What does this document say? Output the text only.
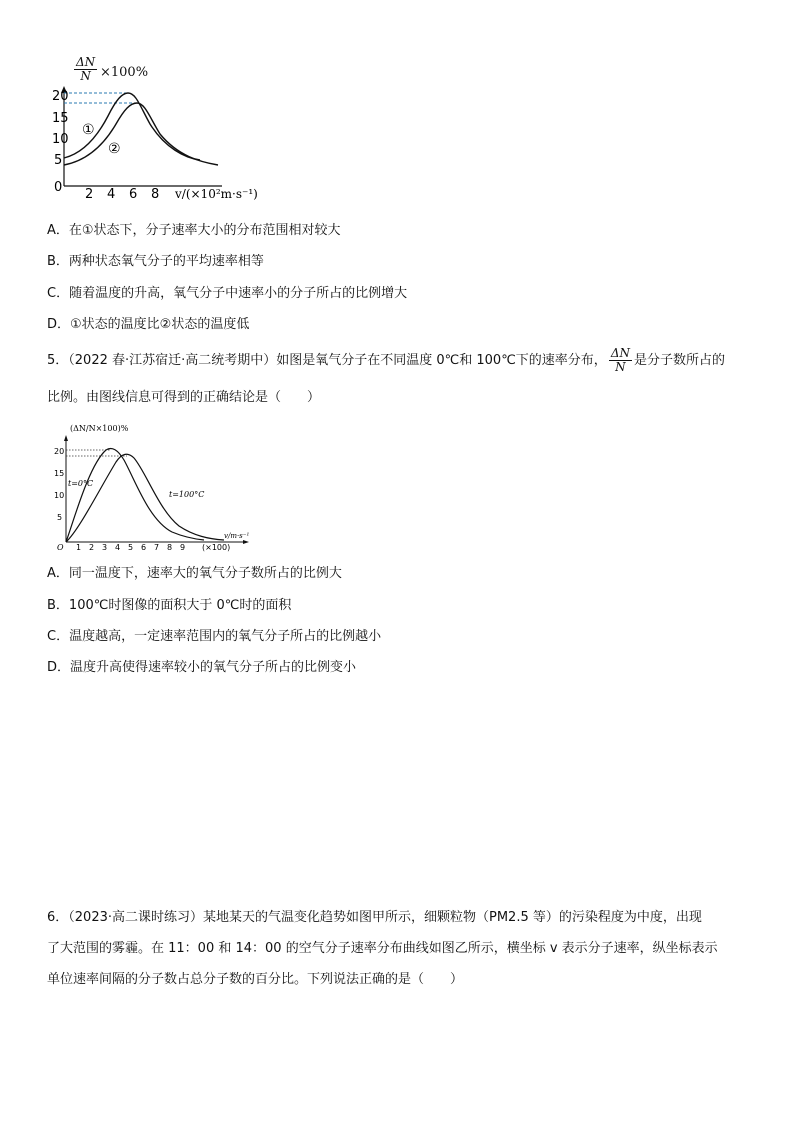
$\frac{\Delta N}{N} \times 100\%$
20
15
10
5
0 2 4 6 8 v/(×10²m·s⁻¹)
①
②
A．在①状态下，分子速率大小的分布范围相对较大
B．两种状态氧气分子的平均速率相等
C．随着温度的升高，氧气分子中速率小的分子所占的比例增大
D．①状态的温度比②状态的温度低
5．（2022 春·江苏宿迁·高二统考期中）如图是氧气分子在不同温度 0℃和 100℃下的速率分布， $\frac{\Delta N}{N}$ 是分子数所占的
比例。由图线信息可得到的正确结论是（　　）
(ΔN/N×100)%
20
15
10
5
O 1 2 3 4 5 6 7 8 9 (×100)
v/m·s⁻¹
t=0°C
t=100°C
A．同一温度下，速率大的氧气分子数所占的比例大
B．100℃时图像的面积大于 0℃时的面积
C．温度越高，一定速率范围内的氧气分子所占的比例越小
D．温度升高使得速率较小的氧气分子所占的比例变小
6．（2023·高二课时练习）某地某天的气温变化趋势如图甲所示，细颗粒物（PM2.5 等）的污染程度为中度，出现
了大范围的雾霾。在 11：00 和 14：00 的空气分子速率分布曲线如图乙所示，横坐标 v 表示分子速率，纵坐标表示
单位速率间隔的分子数占总分子数的百分比。下列说法正确的是（　　）
